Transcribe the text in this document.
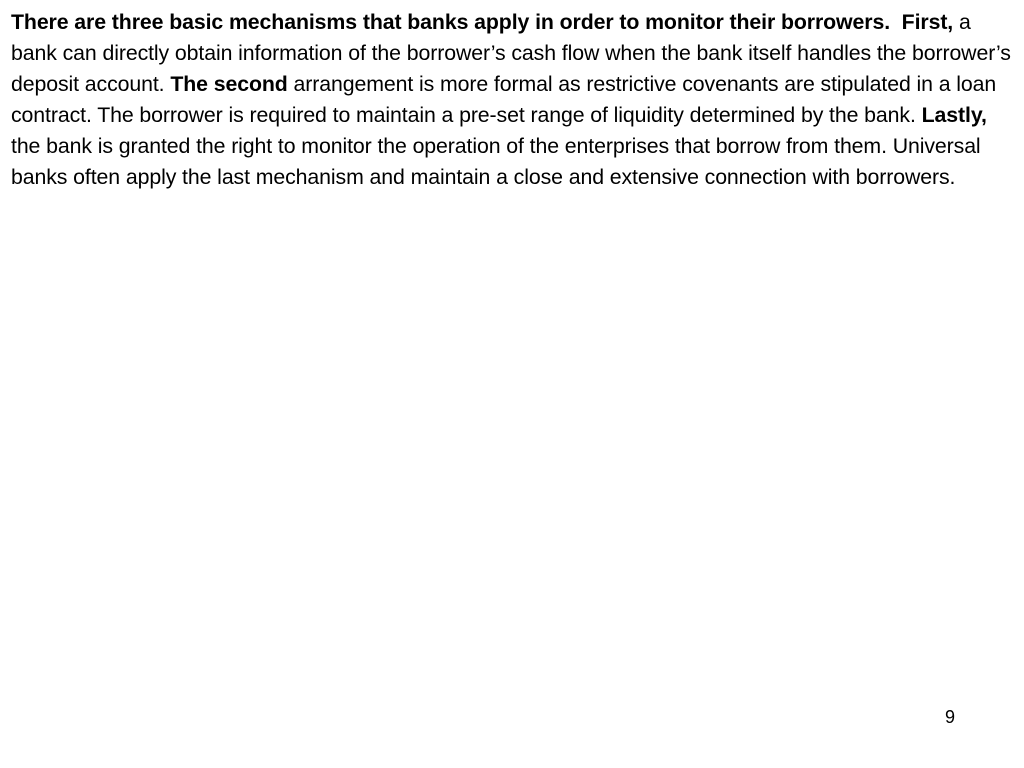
There are three basic mechanisms that banks apply in order to monitor their borrowers. First, a bank can directly obtain information of the borrower’s cash flow when the bank itself handles the borrower’s deposit account. The second arrangement is more formal as restrictive covenants are stipulated in a loan contract. The borrower is required to maintain a pre-set range of liquidity determined by the bank. Lastly, the bank is granted the right to monitor the operation of the enterprises that borrow from them. Universal banks often apply the last mechanism and maintain a close and extensive connection with borrowers.

9
